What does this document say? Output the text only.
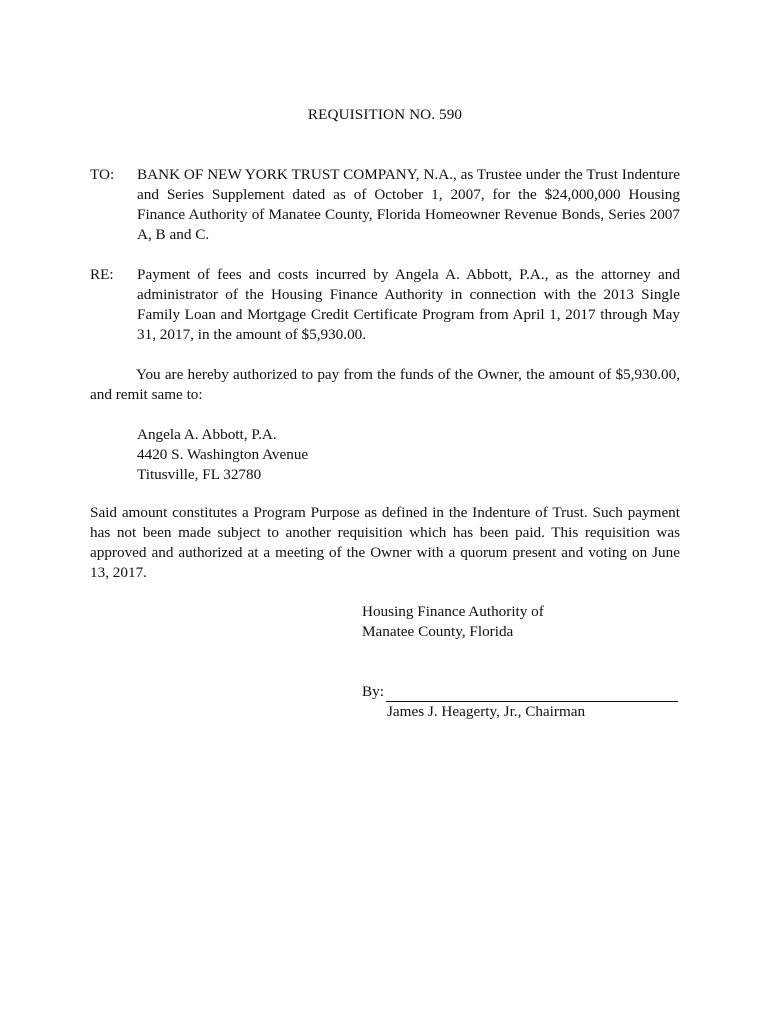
REQUISITION NO. 590
TO:	BANK OF NEW YORK TRUST COMPANY, N.A., as Trustee under the Trust Indenture and Series Supplement dated as of October 1, 2007, for the $24,000,000 Housing Finance Authority of Manatee County, Florida Homeowner Revenue Bonds, Series 2007 A, B and C.
RE:	Payment of fees and costs incurred by Angela A. Abbott, P.A., as the attorney and administrator of the Housing Finance Authority in connection with the 2013 Single Family Loan and Mortgage Credit Certificate Program from April 1, 2017 through May 31, 2017, in the amount of $5,930.00.
You are hereby authorized to pay from the funds of the Owner, the amount of $5,930.00, and remit same to:
Angela A. Abbott, P.A.
4420 S. Washington Avenue
Titusville, FL 32780
Said amount constitutes a Program Purpose as defined in the Indenture of Trust. Such payment has not been made subject to another requisition which has been paid. This requisition was approved and authorized at a meeting of the Owner with a quorum present and voting on June 13, 2017.
Housing Finance Authority of
Manatee County, Florida
By:
James J. Heagerty, Jr., Chairman
